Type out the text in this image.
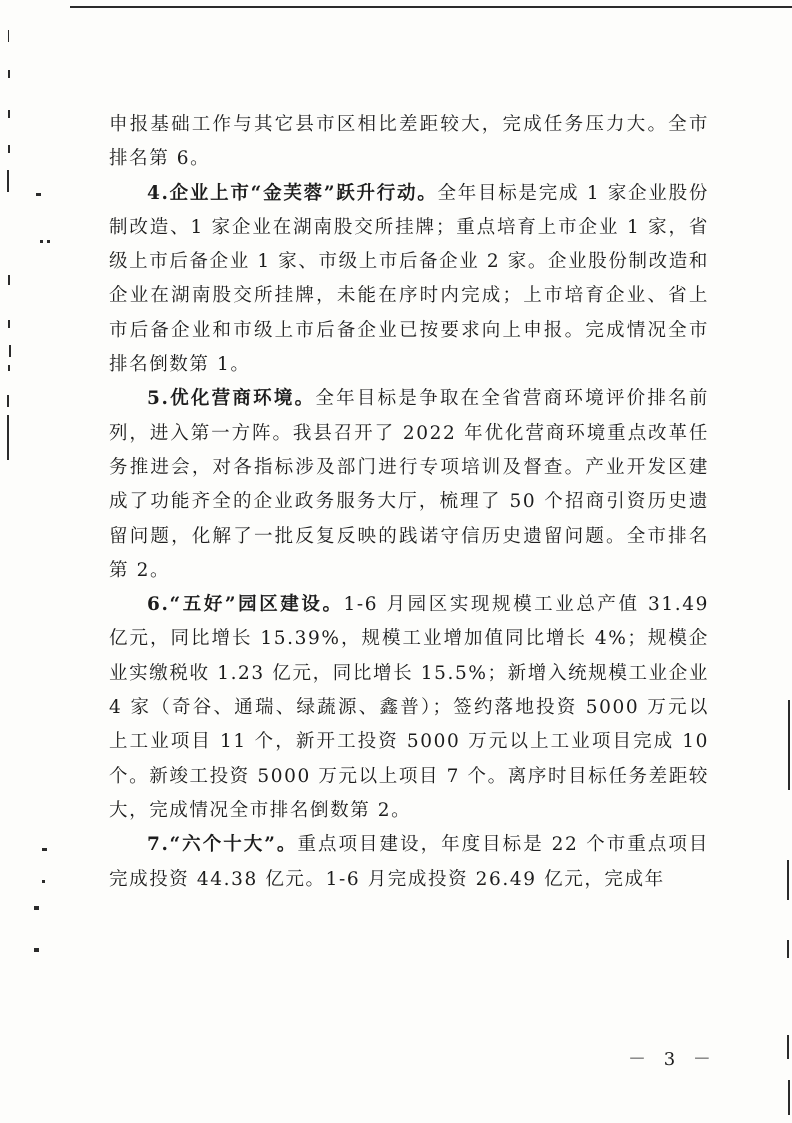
申报基础工作与其它县市区相比差距较大，完成任务压力大。全市排名第 6。

4.企业上市“金芙蓉”跃升行动。全年目标是完成 1 家企业股份制改造、1 家企业在湖南股交所挂牌；重点培育上市企业 1 家，省级上市后备企业 1 家、市级上市后备企业 2 家。企业股份制改造和企业在湖南股交所挂牌，未能在序时内完成；上市培育企业、省上市后备企业和市级上市后备企业已按要求向上申报。完成情况全市排名倒数第 1。

5.优化营商环境。全年目标是争取在全省营商环境评价排名前列，进入第一方阵。我县召开了 2022 年优化营商环境重点改革任务推进会，对各指标涉及部门进行专项培训及督查。产业开发区建成了功能齐全的企业政务服务大厅，梳理了 50 个招商引资历史遗留问题，化解了一批反复反映的践诺守信历史遗留问题。全市排名第 2。

6.“五好”园区建设。1-6 月园区实现规模工业总产值 31.49 亿元，同比增长 15.39%，规模工业增加值同比增长 4%；规模企业实缴税收 1.23 亿元，同比增长 15.5%；新增入统规模工业企业 4 家（奇谷、通瑞、绿蔬源、鑫普）；签约落地投资 5000 万元以上工业项目 11 个，新开工投资 5000 万元以上工业项目完成 10 个。新竣工投资 5000 万元以上项目 7 个。离序时目标任务差距较大，完成情况全市排名倒数第 2。

7.“六个十大”。重点项目建设，年度目标是 22 个市重点项目完成投资 44.38 亿元。1-6 月完成投资 26.49 亿元，完成年

－ 3 －
